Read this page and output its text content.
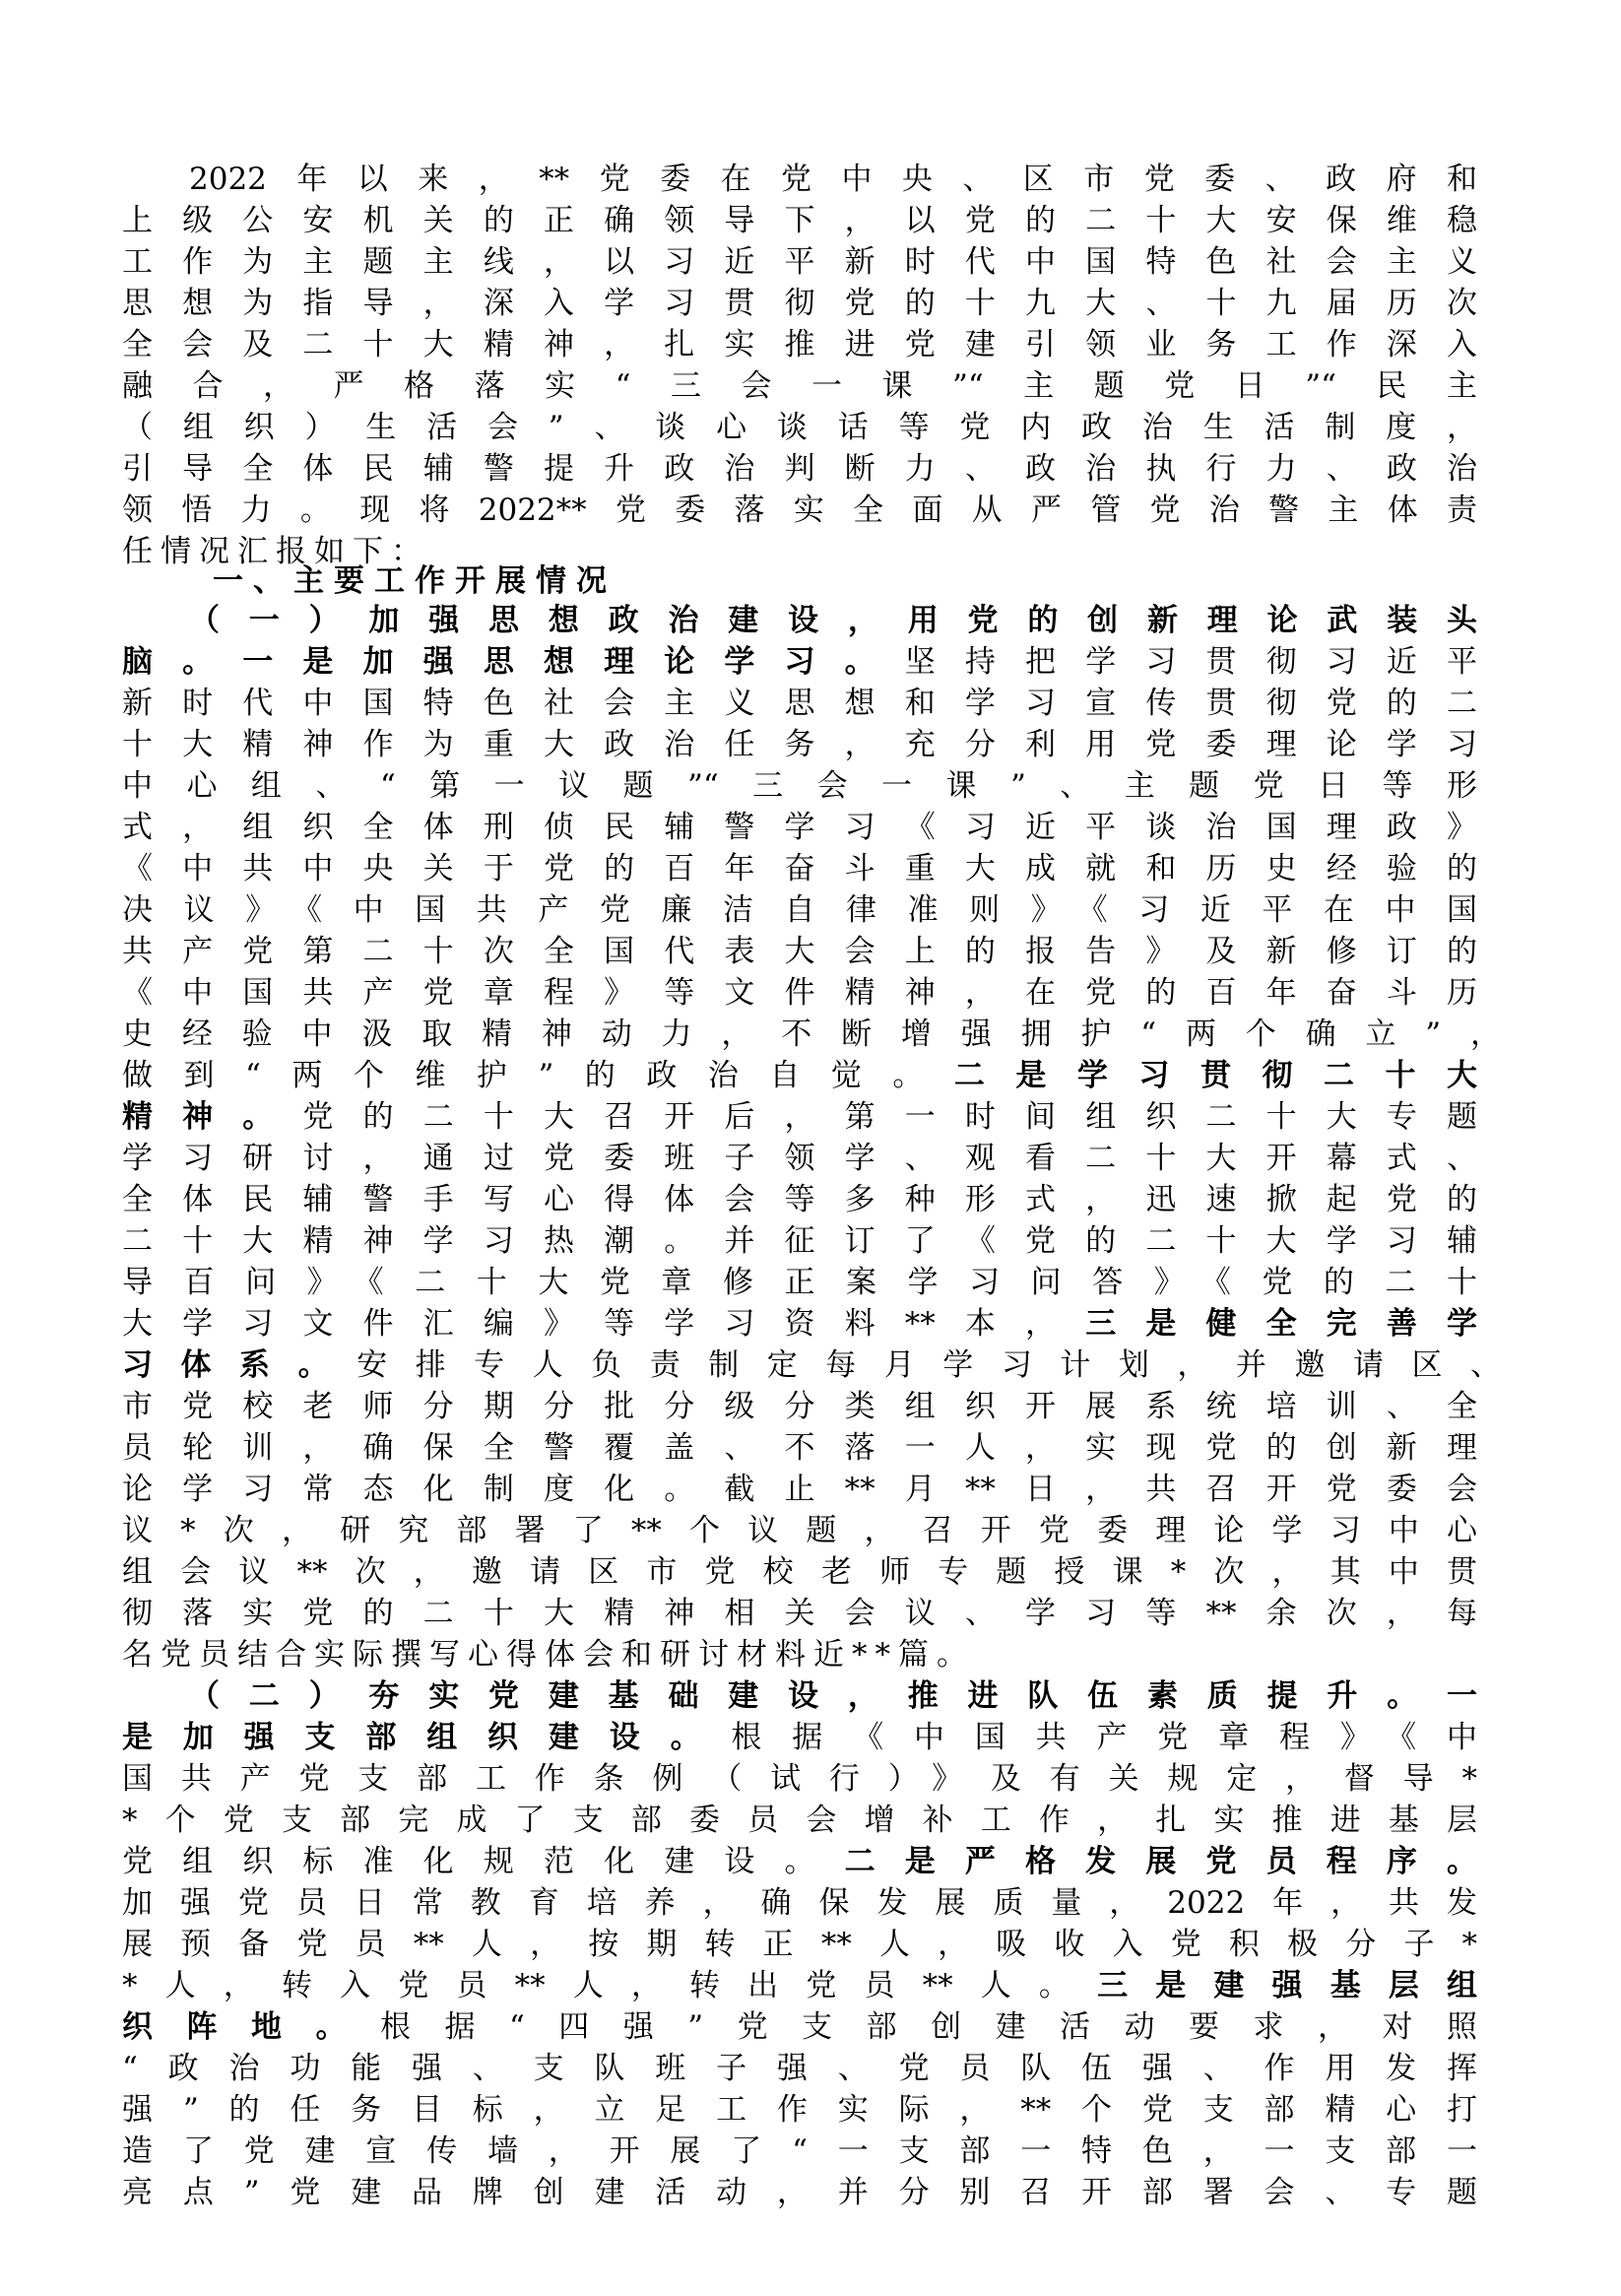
2022年以来，**党委在党中央、区市党委、政府和
上级公安机关的正确领导下，以党的二十大安保维稳
工作为主题主线，以习近平新时代中国特色社会主义
思想为指导，深入学习贯彻党的十九大、十九届历次
全会及二十大精神，扎实推进党建引领业务工作深入
融合，严格落实“三会一课”“主题党日”“民主
（组织）生活会”、谈心谈话等党内政治生活制度，
引导全体民辅警提升政治判断力、政治执行力、政治
领悟力。现将2022**党委落实全面从严管党治警主体责
任情况汇报如下：
一、主要工作开展情况
（一）加强思想政治建设，用党的创新理论武装头
脑。一是加强思想理论学习。坚持把学习贯彻习近平
新时代中国特色社会主义思想和学习宣传贯彻党的二
十大精神作为重大政治任务，充分利用党委理论学习
中心组、“第一议题”“三会一课”、主题党日等形
式，组织全体刑侦民辅警学习《习近平谈治国理政》
《中共中央关于党的百年奋斗重大成就和历史经验的
决议》《中国共产党廉洁自律准则》《习近平在中国
共产党第二十次全国代表大会上的报告》及新修订的
《中国共产党章程》等文件精神，在党的百年奋斗历
史经验中汲取精神动力，不断增强拥护“两个确立”，
做到“两个维护”的政治自觉。二是学习贯彻二十大
精神。党的二十大召开后，第一时间组织二十大专题
学习研讨，通过党委班子领学、观看二十大开幕式、
全体民辅警手写心得体会等多种形式，迅速掀起党的
二十大精神学习热潮。并征订了《党的二十大学习辅
导百问》《二十大党章修正案学习问答》《党的二十
大学习文件汇编》等学习资料**本，三是健全完善学
习体系。安排专人负责制定每月学习计划，并邀请区、
市党校老师分期分批分级分类组织开展系统培训、全
员轮训，确保全警覆盖、不落一人，实现党的创新理
论学习常态化制度化。截止**月**日，共召开党委会
议*次，研究部署了**个议题，召开党委理论学习中心
组会议**次，邀请区市党校老师专题授课*次，其中贯
彻落实党的二十大精神相关会议、学习等**余次，每
名党员结合实际撰写心得体会和研讨材料近**篇。
（二）夯实党建基础建设，推进队伍素质提升。一
是加强支部组织建设。根据《中国共产党章程》《中
国共产党支部工作条例（试行）》及有关规定，督导*
*个党支部完成了支部委员会增补工作，扎实推进基层
党组织标准化规范化建设。二是严格发展党员程序。
加强党员日常教育培养，确保发展质量，2022年，共发
展预备党员**人，按期转正**人，吸收入党积极分子*
*人，转入党员**人，转出党员**人。三是建强基层组
织阵地。根据“四强”党支部创建活动要求，对照
“政治功能强、支队班子强、党员队伍强、作用发挥
强”的任务目标，立足工作实际，**个党支部精心打
造了党建宣传墙，开展了“一支部一特色，一支部一
亮点”党建品牌创建活动，并分别召开部署会、专题
